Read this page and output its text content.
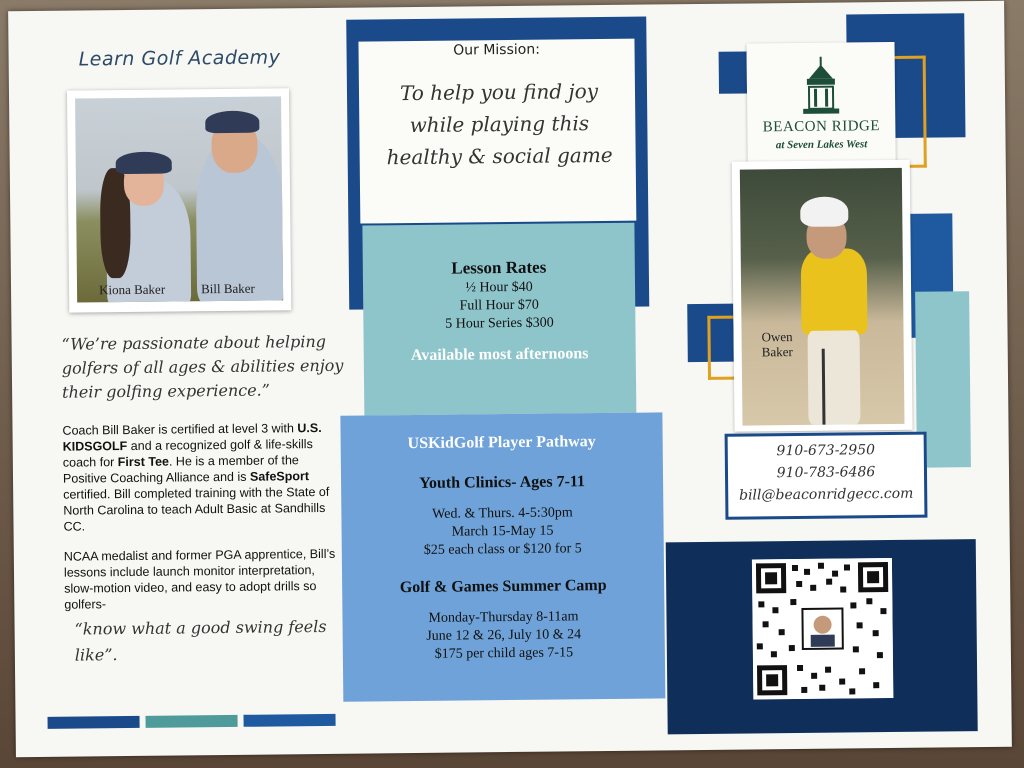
Learn Golf Academy
Kiona Baker	Bill Baker
“We’re passionate about helping golfers of all ages & abilities enjoy their golfing experience.”

Coach Bill Baker is certified at level 3 with U.S. KIDSGOLF and a recognized golf & life-skills coach for First Tee. He is a member of the Positive Coaching Alliance and is SafeSport certified. Bill completed training with the State of North Carolina to teach Adult Basic at Sandhills CC.

NCAA medalist and former PGA apprentice, Bill’s lessons include launch monitor interpretation, slow-motion video, and easy to adopt drills so golfers-

“know what a good swing feels like”.
Our Mission:
To help you find joy
while playing this
healthy & social game
Lesson Rates
½ Hour $40
Full Hour $70
5 Hour Series $300
Available most afternoons
USKidGolf Player Pathway
Youth Clinics- Ages 7-11
Wed. & Thurs. 4-5:30pm
March 15-May 15
$25 each class or $120 for 5
Golf & Games Summer Camp
Monday-Thursday 8-11am
June 12 & 26, July 10 & 24
$175 per child ages 7-15
BEACON RIDGE
at Seven Lakes West
Owen
Baker
910-673-2950
910-783-6486
bill@beaconridgecc.com
